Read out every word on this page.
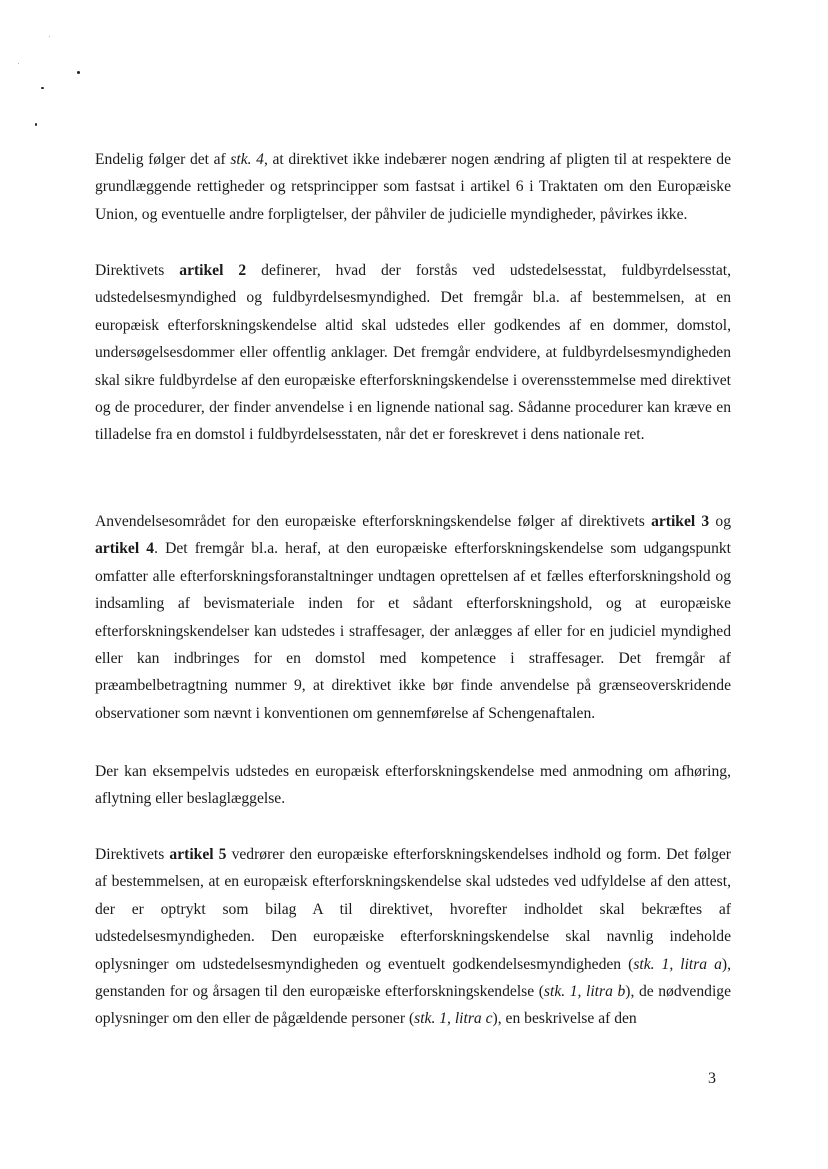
Endelig følger det af stk. 4, at direktivet ikke indebærer nogen ændring af pligten til at respektere de grundlæggende rettigheder og retsprincipper som fastsat i artikel 6 i Traktaten om den Europæiske Union, og eventuelle andre forpligtelser, der påhviler de judicielle myndigheder, påvirkes ikke.

Direktivets artikel 2 definerer, hvad der forstås ved udstedelsesstat, fuldbyrdelsesstat, udstedelsesmyndighed og fuldbyrdelsesmyndighed. Det fremgår bl.a. af bestemmelsen, at en europæisk efterforskningskendelse altid skal udstedes eller godkendes af en dommer, domstol, undersøgelsesdommer eller offentlig anklager. Det fremgår endvidere, at fuldbyrdelsesmyndigheden skal sikre fuldbyrdelse af den europæiske efterforskningskendelse i overensstemmelse med direktivet og de procedurer, der finder anvendelse i en lignende national sag. Sådanne procedurer kan kræve en tilladelse fra en domstol i fuldbyrdelsesstaten, når det er foreskrevet i dens nationale ret.

Anvendelsesområdet for den europæiske efterforskningskendelse følger af direktivets artikel 3 og artikel 4. Det fremgår bl.a. heraf, at den europæiske efterforskningskendelse som udgangspunkt omfatter alle efterforskningsforanstaltninger undtagen oprettelsen af et fælles efterforskningshold og indsamling af bevismateriale inden for et sådant efterforskningshold, og at europæiske efterforskningskendelser kan udstedes i straffesager, der anlægges af eller for en judiciel myndighed eller kan indbringes for en domstol med kompetence i straffesager. Det fremgår af præambelbetragtning nummer 9, at direktivet ikke bør finde anvendelse på grænseoverskridende observationer som nævnt i konventionen om gennemførelse af Schengenaftalen.

Der kan eksempelvis udstedes en europæisk efterforskningskendelse med anmodning om afhøring, aflytning eller beslaglæggelse.

Direktivets artikel 5 vedrører den europæiske efterforskningskendelses indhold og form. Det følger af bestemmelsen, at en europæisk efterforskningskendelse skal udstedes ved udfyldelse af den attest, der er optrykt som bilag A til direktivet, hvorefter indholdet skal bekræftes af udstedelsesmyndigheden. Den europæiske efterforskningskendelse skal navnlig indeholde oplysninger om udstedelsesmyndigheden og eventuelt godkendelsesmyndigheden (stk. 1, litra a), genstanden for og årsagen til den europæiske efterforskningskendelse (stk. 1, litra b), de nødvendige oplysninger om den eller de pågældende personer (stk. 1, litra c), en beskrivelse af den

3
